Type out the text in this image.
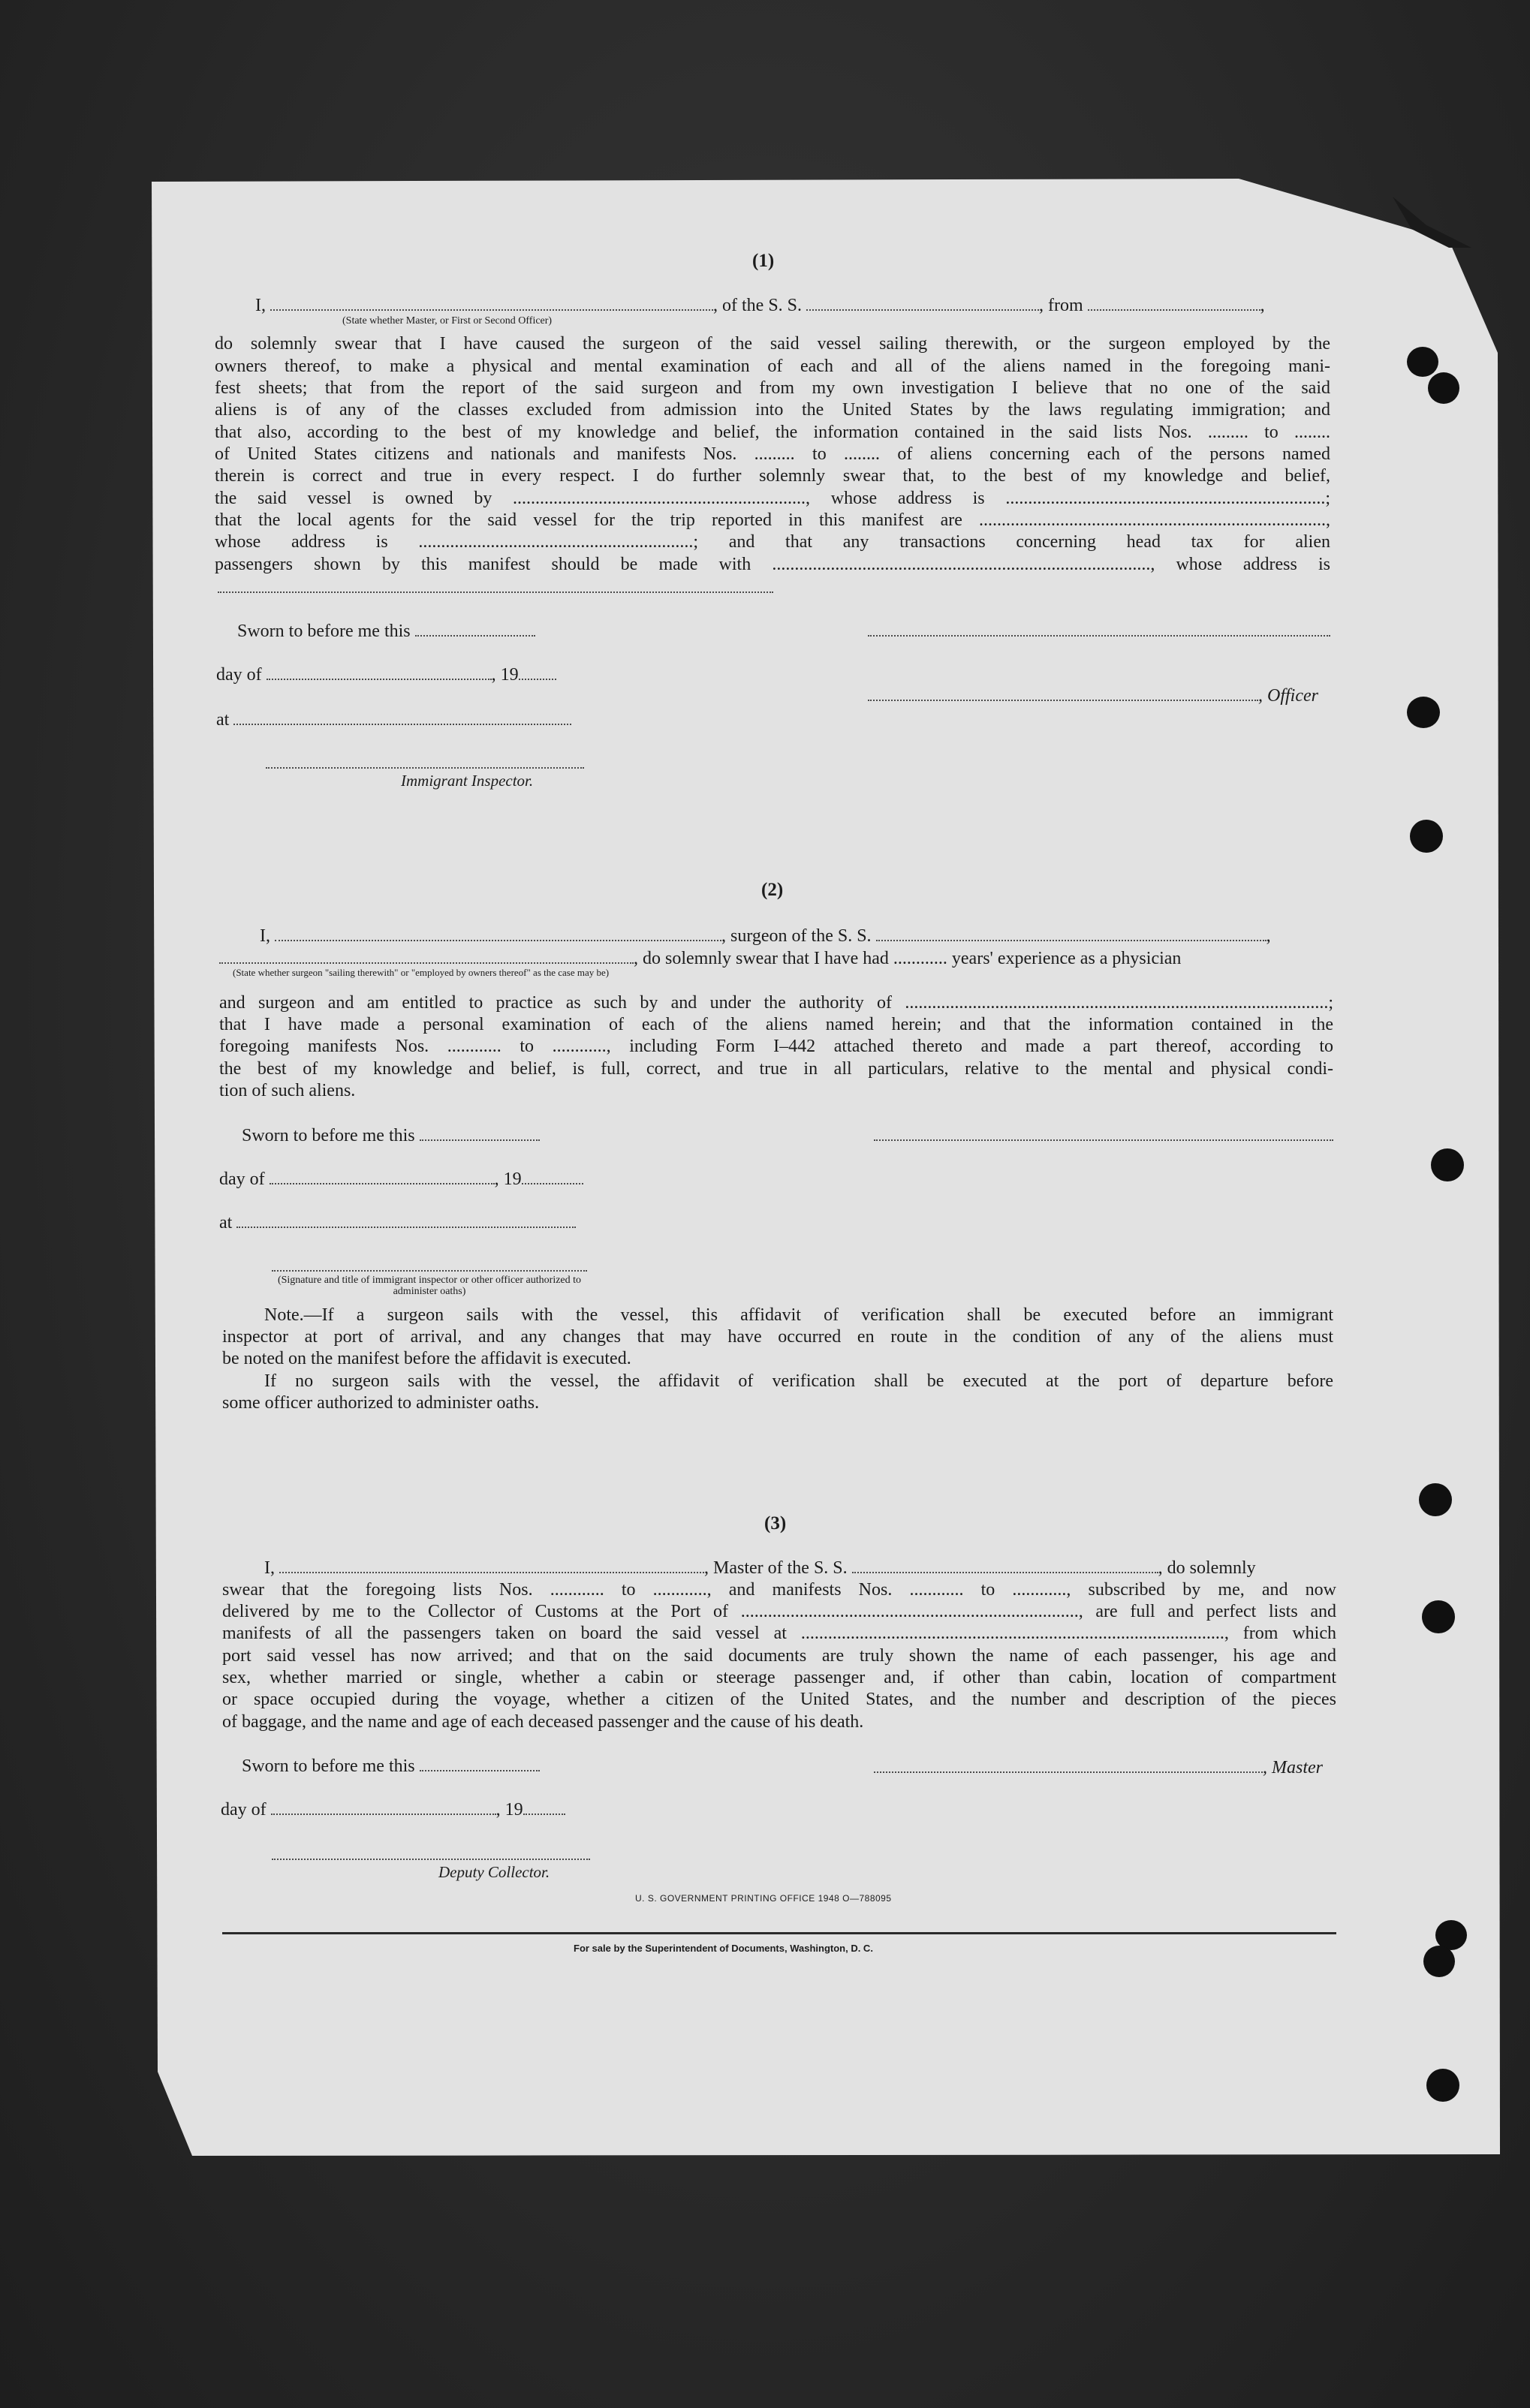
(1)
I,	, of the S. S.	, from	,
(State whether Master, or First or Second Officer)
do solemnly swear that I have caused the surgeon of the said vessel sailing therewith, or the surgeon employed by the
owners thereof, to make a physical and mental examination of each and all of the aliens named in the foregoing mani-
fest sheets; that from the report of the said surgeon and from my own investigation I believe that no one of the said
aliens is of any of the classes excluded from admission into the United States by the laws regulating immigration; and
that also, according to the best of my knowledge and belief, the information contained in the said lists Nos. ......... to ........
of United States citizens and nationals and manifests Nos. ......... to ........ of aliens concerning each of the persons named
therein is correct and true in every respect. I do further solemnly swear that, to the best of my knowledge and belief,
the said vessel is owned by ................................................................., whose address is .......................................................................;
that the local agents for the said vessel for the trip reported in this manifest are .............................................................................,
whose address is .............................................................; and that any transactions concerning head tax for alien
passengers shown by this manifest should be made with ...................................................................................., whose address is
Sworn to before me this
day of	, 19
, Officer
at
Immigrant Inspector.
(2)
I,	, surgeon of the S. S.	,
, do solemnly swear that I have had ............ years' experience as a physician
(State whether surgeon "sailing therewith" or "employed by owners thereof" as the case may be)
and surgeon and am entitled to practice as such by and under the authority of ..............................................................................................;
that I have made a personal examination of each of the aliens named herein; and that the information contained in the
foregoing manifests Nos. ............ to ............, including Form I–442 attached thereto and made a part thereof, according to
the best of my knowledge and belief, is full, correct, and true in all particulars, relative to the mental and physical condi-
tion of such aliens.
Sworn to before me this
day of	, 19
at
(Signature and title of immigrant inspector or other officer authorized to administer oaths)
Note.—If a surgeon sails with the vessel, this affidavit of verification shall be executed before an immigrant
inspector at port of arrival, and any changes that may have occurred en route in the condition of any of the aliens must
be noted on the manifest before the affidavit is executed.
If no surgeon sails with the vessel, the affidavit of verification shall be executed at the port of departure before
some officer authorized to administer oaths.
(3)
I,	, Master of the S. S.	, do solemnly
swear that the foregoing lists Nos. ............ to ............, and manifests Nos. ............ to ............, subscribed by me, and now
delivered by me to the Collector of Customs at the Port of ..........................................................................., are full and perfect lists and
manifests of all the passengers taken on board the said vessel at .............................................................................................., from which
port said vessel has now arrived; and that on the said documents are truly shown the name of each passenger, his age and
sex, whether married or single, whether a cabin or steerage passenger and, if other than cabin, location of compartment
or space occupied during the voyage, whether a citizen of the United States, and the number and description of the pieces
of baggage, and the name and age of each deceased passenger and the cause of his death.
Sworn to before me this	, Master
day of	, 19
Deputy Collector.
U. S. GOVERNMENT PRINTING OFFICE 1948 O—788095
For sale by the Superintendent of Documents, Washington, D. C.
